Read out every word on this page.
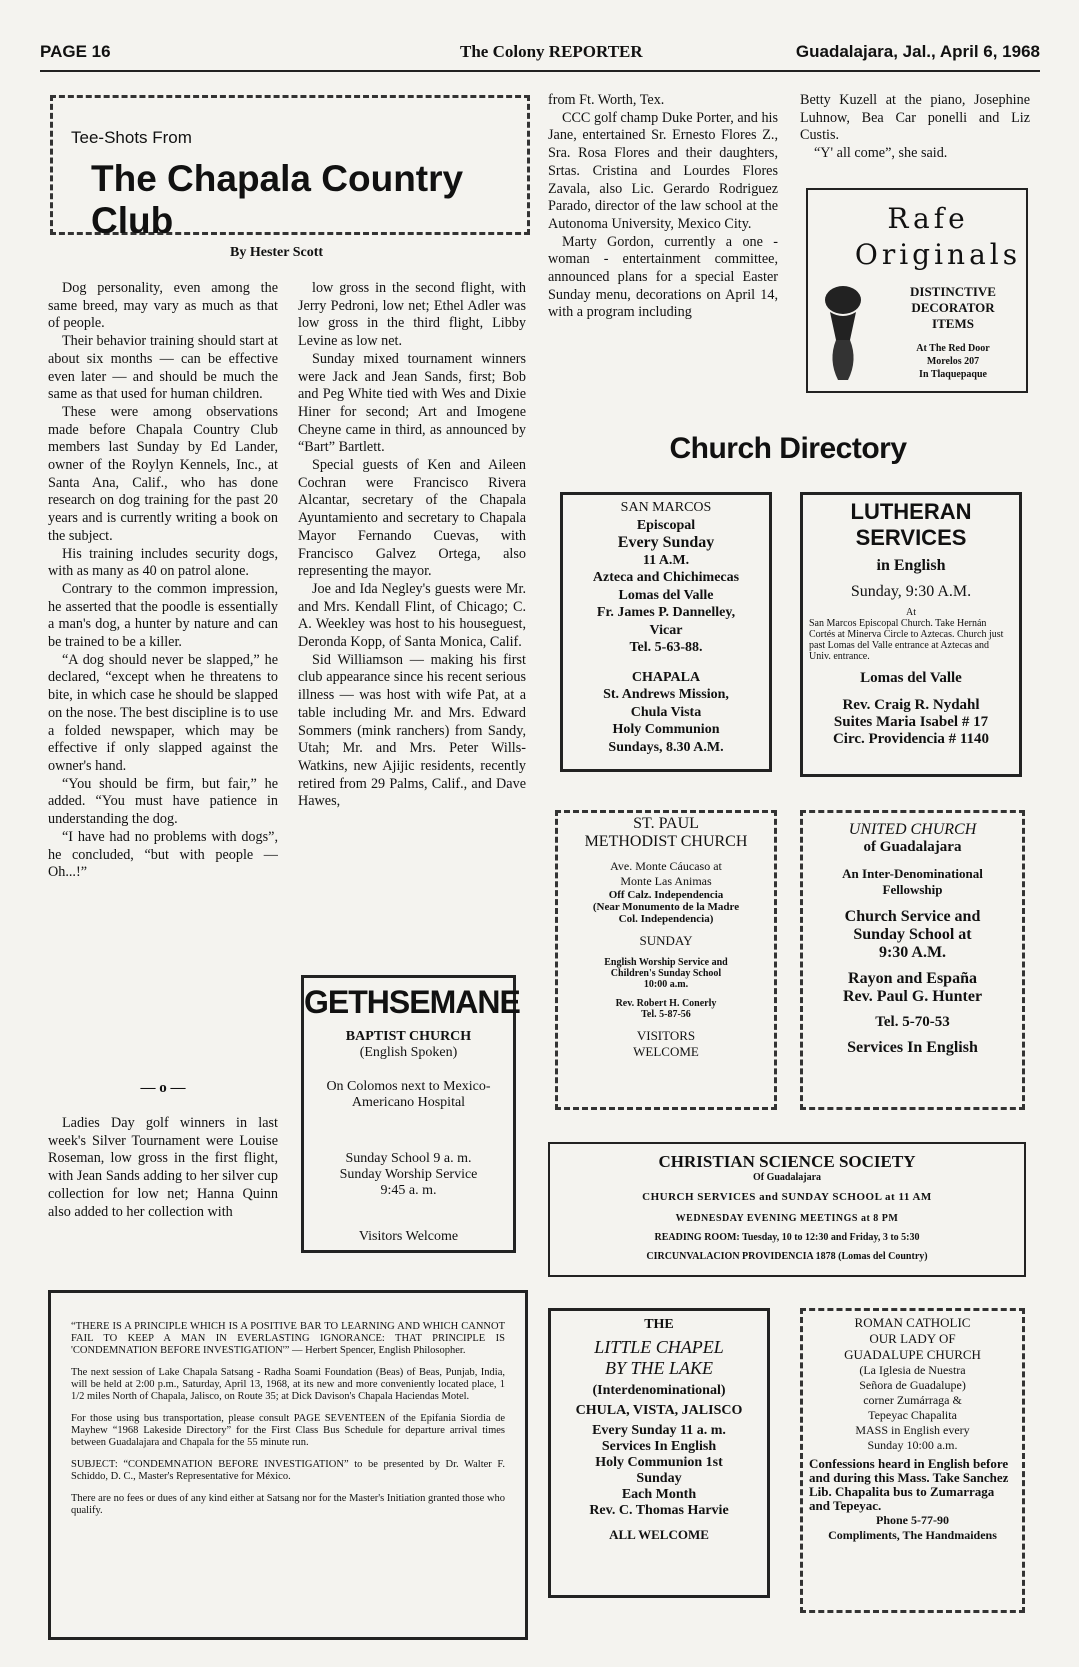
PAGE 16	The Colony REPORTER	Guadalajara, Jal., April 6, 1968
Tee-Shots From
The Chapala Country Club
By Hester Scott

Dog personality, even among the same breed, may vary as much as that of people.

Their behavior training should start at about six months — can be effective even later — and should be much the same as that used for human children.

These were among observations made before Chapala Country Club members last Sunday by Ed Lander, owner of the Roylyn Kennels, Inc., at Santa Ana, Calif., who has done research on dog training for the past 20 years and is currently writing a book on the subject.

His training includes security dogs, with as many as 40 on patrol alone.

Contrary to the common impression, he asserted that the poodle is essentially a man's dog, a hunter by nature and can be trained to be a killer.

“A dog should never be slapped,” he declared, “except when he threatens to bite, in which case he should be slapped on the nose. The best discipline is to use a folded newspaper, which may be effective if only slapped against the owner's hand.

“You should be firm, but fair,” he added. “You must have patience in understanding the dog.

“I have had no problems with dogs”, he concluded, “but with people — Oh...!”

— o —

Ladies Day golf winners in last week's Silver Tournament were Louise Roseman, low gross in the first flight, with Jean Sands adding to her silver cup collection for low net; Hanna Quinn also added to her collection with

low gross in the second flight, with Jerry Pedroni, low net; Ethel Adler was low gross in the third flight, Libby Levine as low net.

Sunday mixed tournament winners were Jack and Jean Sands, first; Bob and Peg White tied with Wes and Dixie Hiner for second; Art and Imogene Cheyne came in third, as announced by “Bart” Bartlett.

Special guests of Ken and Aileen Cochran were Francisco Rivera Alcantar, secretary of the Chapala Ayuntamiento and secretary to Chapala Mayor Fernando Cuevas, with Francisco Galvez Ortega, also representing the mayor.

Joe and Ida Negley's guests were Mr. and Mrs. Kendall Flint, of Chicago; C. A. Weekley was host to his houseguest, Deronda Kopp, of Santa Monica, Calif.

Sid Williamson — making his first club appearance since his recent serious illness — was host with wife Pat, at a table including Mr. and Mrs. Edward Sommers (mink ranchers) from Sandy, Utah; Mr. and Mrs. Peter Wills-Watkins, new Ajijic residents, recently retired from 29 Palms, Calif., and Dave Hawes,

GETHSEMANE
BAPTIST CHURCH
(English Spoken)
On Colomos next to Mexico-Americano Hospital
Sunday School 9 a. m.
Sunday Worship Service
9:45 a. m.
Visitors Welcome

from Ft. Worth, Tex.

CCC golf champ Duke Porter, and his Jane, entertained Sr. Ernesto Flores Z., Sra. Rosa Flores and their daughters, Srtas. Cristina and Lourdes Flores Zavala, also Lic. Gerardo Rodriguez Parado, director of the law school at the Autonoma University, Mexico City.

Marty Gordon, currently a one - woman - entertainment committee, announced plans for a special Easter Sunday menu, decorations on April 14, with a program including

Betty Kuzell at the piano, Josephine Luhnow, Bea Car ponelli and Liz Custis.

“Y' all come”, she said.

Rafe
Originals
DISTINCTIVE
DECORATOR
ITEMS
At The Red Door
Morelos 207
In Tlaquepaque
Church Directory
SAN MARCOS
Episcopal
Every Sunday
11 A.M.
Azteca and Chichimecas
Lomas del Valle
Fr. James P. Dannelley,
Vicar
Tel. 5-63-88.
CHAPALA
St. Andrews Mission,
Chula Vista
Holy Communion
Sundays, 8.30 A.M.
LUTHERAN
SERVICES
in English
Sunday, 9:30 A.M.
At
San Marcos Episcopal Church. Take Hernán Cortés at Minerva Circle to Aztecas. Church just past Lomas del Valle entrance at Aztecas and Univ. entrance.
Lomas del Valle
Rev. Craig R. Nydahl
Suites Maria Isabel # 17
Circ. Providencia # 1140
ST. PAUL
METHODIST CHURCH
Ave. Monte Cáucaso at
Monte Las Animas
Off Calz. Independencia
(Near Monumento de la Madre
Col. Independencia)
SUNDAY
English Worship Service and
Children's Sunday School
10:00 a.m.
Rev. Robert H. Conerly
Tel. 5-87-56
VISITORS
WELCOME
UNITED CHURCH
of Guadalajara
An Inter-Denominational
Fellowship
Church Service and
Sunday School at
9:30 A.M.
Rayon and España
Rev. Paul G. Hunter
Tel. 5-70-53
Services In English
CHRISTIAN SCIENCE SOCIETY
Of Guadalajara
CHURCH SERVICES and SUNDAY SCHOOL at 11 AM
WEDNESDAY EVENING MEETINGS at 8 PM
READING ROOM: Tuesday, 10 to 12:30 and Friday, 3 to 5:30
CIRCUNVALACION PROVIDENCIA 1878 (Lomas del Country)

“THERE IS A PRINCIPLE WHICH IS A POSITIVE BAR TO LEARNING AND WHICH CANNOT FAIL TO KEEP A MAN IN EVERLASTING IGNORANCE: THAT PRINCIPLE IS 'CONDEMNATION BEFORE INVESTIGATION'” — Herbert Spencer, English Philosopher.

The next session of Lake Chapala Satsang - Radha Soami Foundation (Beas) of Beas, Punjab, India, will be held at 2:00 p.m., Saturday, April 13, 1968, at its new and more conveniently located place, 1 1/2 miles North of Chapala, Jalisco, on Route 35; at Dick Davison's Chapala Haciendas Motel.

For those using bus transportation, please consult PAGE SEVENTEEN of the Epifania Siordia de Mayhew “1968 Lakeside Directory” for the First Class Bus Schedule for departure arrival times between Guadalajara and Chapala for the 55 minute run.

SUBJECT: “CONDEMNATION BEFORE INVESTIGATION” to be presented by Dr. Walter F. Schiddo, D. C., Master's Representative for México.

There are no fees or dues of any kind either at Satsang nor for the Master's Initiation granted those who qualify.

THE
LITTLE CHAPEL
BY THE LAKE
(Interdenominational)
CHULA, VISTA, JALISCO
Every Sunday 11 a. m.
Services In English
Holy Communion 1st
Sunday
Each Month
Rev. C. Thomas Harvie
ALL WELCOME
ROMAN CATHOLIC
OUR LADY OF
GUADALUPE CHURCH
(La Iglesia de Nuestra
Señora de Guadalupe)
corner Zumárraga &
Tepeyac Chapalita
MASS in English every
Sunday 10:00 a.m.
Confessions heard in English before and during this Mass. Take Sanchez Lib. Chapalita bus to Zumarraga and Tepeyac.
Phone 5-77-90
Compliments, The Handmaidens
